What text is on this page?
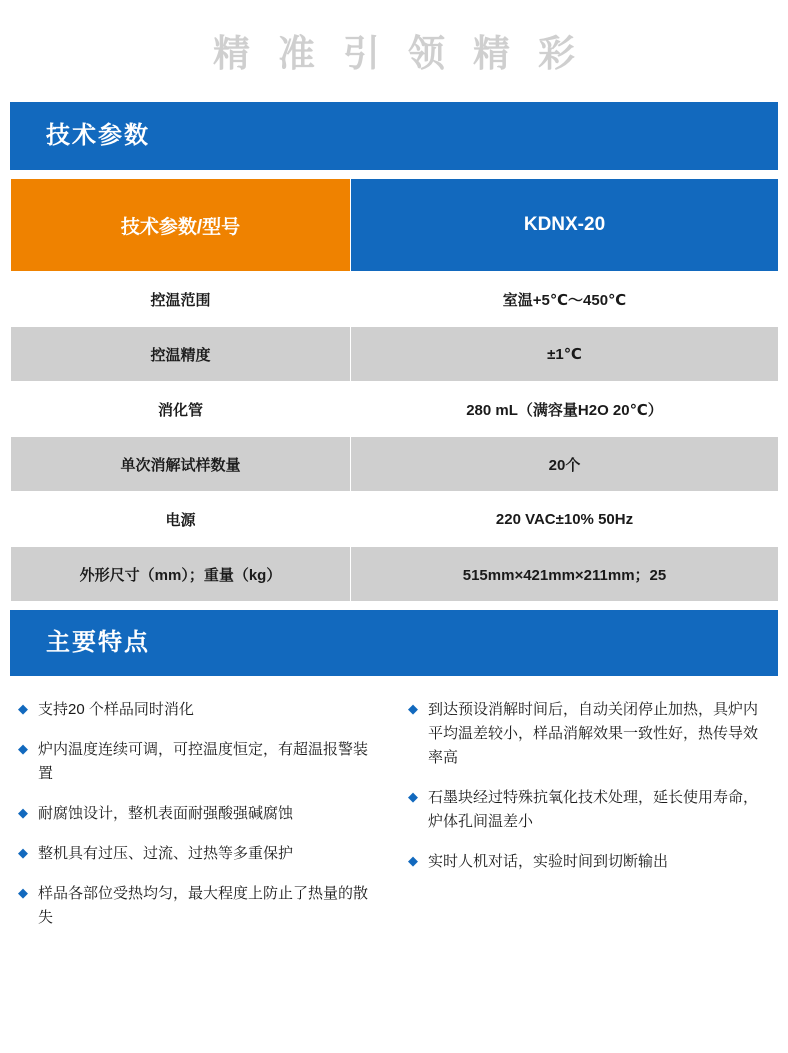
精准引领精彩
技术参数
技术参数/型号	KDNX-20
控温范围	室温+5℃～450℃
控温精度	±1℃
消化管	280 mL（满容量H2O 20℃）
单次消解试样数量	20个
电源	220 VAC±10% 50Hz
外形尺寸（mm）；重量（kg）	515mm×421mm×211mm；25
主要特点
◆ 支持20 个样品同时消化
◆ 炉内温度连续可调，可控温度恒定，有超温报警装置
◆ 耐腐蚀设计，整机表面耐强酸强碱腐蚀
◆ 整机具有过压、过流、过热等多重保护
◆ 样品各部位受热均匀，最大程度上防止了热量的散失
◆ 到达预设消解时间后，自动关闭停止加热，具炉内平均温差较小，样品消解效果一致性好，热传导效率高
◆ 石墨块经过特殊抗氧化技术处理，延长使用寿命，炉体孔间温差小
◆ 实时人机对话，实验时间到切断输出
